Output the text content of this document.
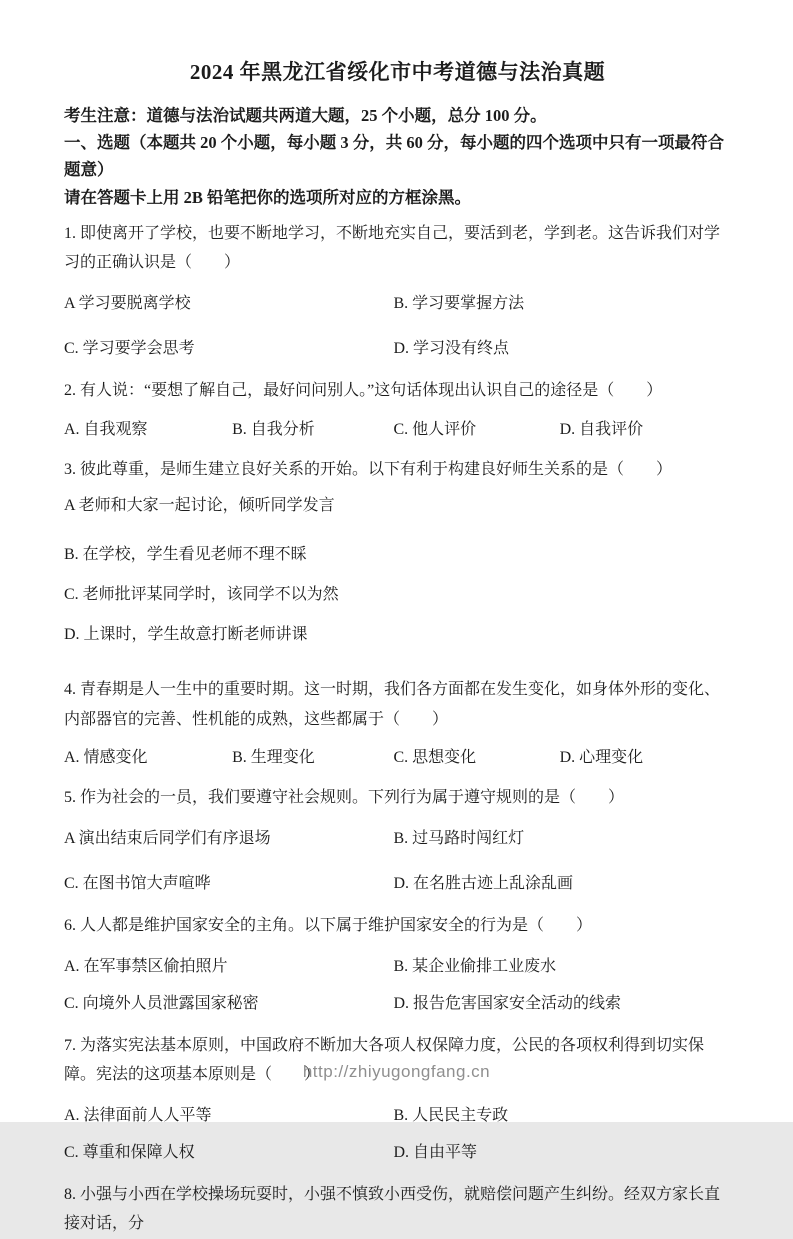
2024 年黑龙江省绥化市中考道德与法治真题

考生注意：道德与法治试题共两道大题，25 个小题，总分 100 分。

一、选题（本题共 20 个小题，每小题 3 分，共 60 分，每小题的四个选项中只有一项最符合题意）

请在答题卡上用 2B 铅笔把你的选项所对应的方框涂黑。

1. 即使离开了学校，也要不断地学习，不断地充实自己，要活到老，学到老。这告诉我们对学习的正确认识是（　　）

A 学习要脱离学校	B. 学习要掌握方法
C. 学习要学会思考	D. 学习没有终点

2. 有人说：“要想了解自己，最好问问别人。”这句话体现出认识自己的途径是（　　）

A. 自我观察	B. 自我分析	C. 他人评价	D. 自我评价

3. 彼此尊重，是师生建立良好关系的开始。以下有利于构建良好师生关系的是（　　）

A 老师和大家一起讨论，倾听同学发言
B. 在学校，学生看见老师不理不睬
C. 老师批评某同学时，该同学不以为然
D. 上课时，学生故意打断老师讲课

4. 青春期是人一生中的重要时期。这一时期，我们各方面都在发生变化，如身体外形的变化、内部器官的完善、性机能的成熟，这些都属于（　　）

A. 情感变化	B. 生理变化	C. 思想变化	D. 心理变化

5. 作为社会的一员，我们要遵守社会规则。下列行为属于遵守规则的是（　　）

A 演出结束后同学们有序退场	B. 过马路时闯红灯
C. 在图书馆大声喧哗	D. 在名胜古迹上乱涂乱画

6. 人人都是维护国家安全的主角。以下属于维护国家安全的行为是（　　）

A. 在军事禁区偷拍照片	B. 某企业偷排工业废水
C. 向境外人员泄露国家秘密	D. 报告危害国家安全活动的线索

7. 为落实宪法基本原则，中国政府不断加大各项人权保障力度，公民的各项权利得到切实保障。宪法的这项基本原则是（　　）

A. 法律面前人人平等	B. 人民民主专政
C. 尊重和保障人权	D. 自由平等

8. 小强与小西在学校操场玩耍时，小强不慎致小西受伤，就赔偿问题产生纠纷。经双方家长直接对话，分

http://zhiyugongfang.cn
